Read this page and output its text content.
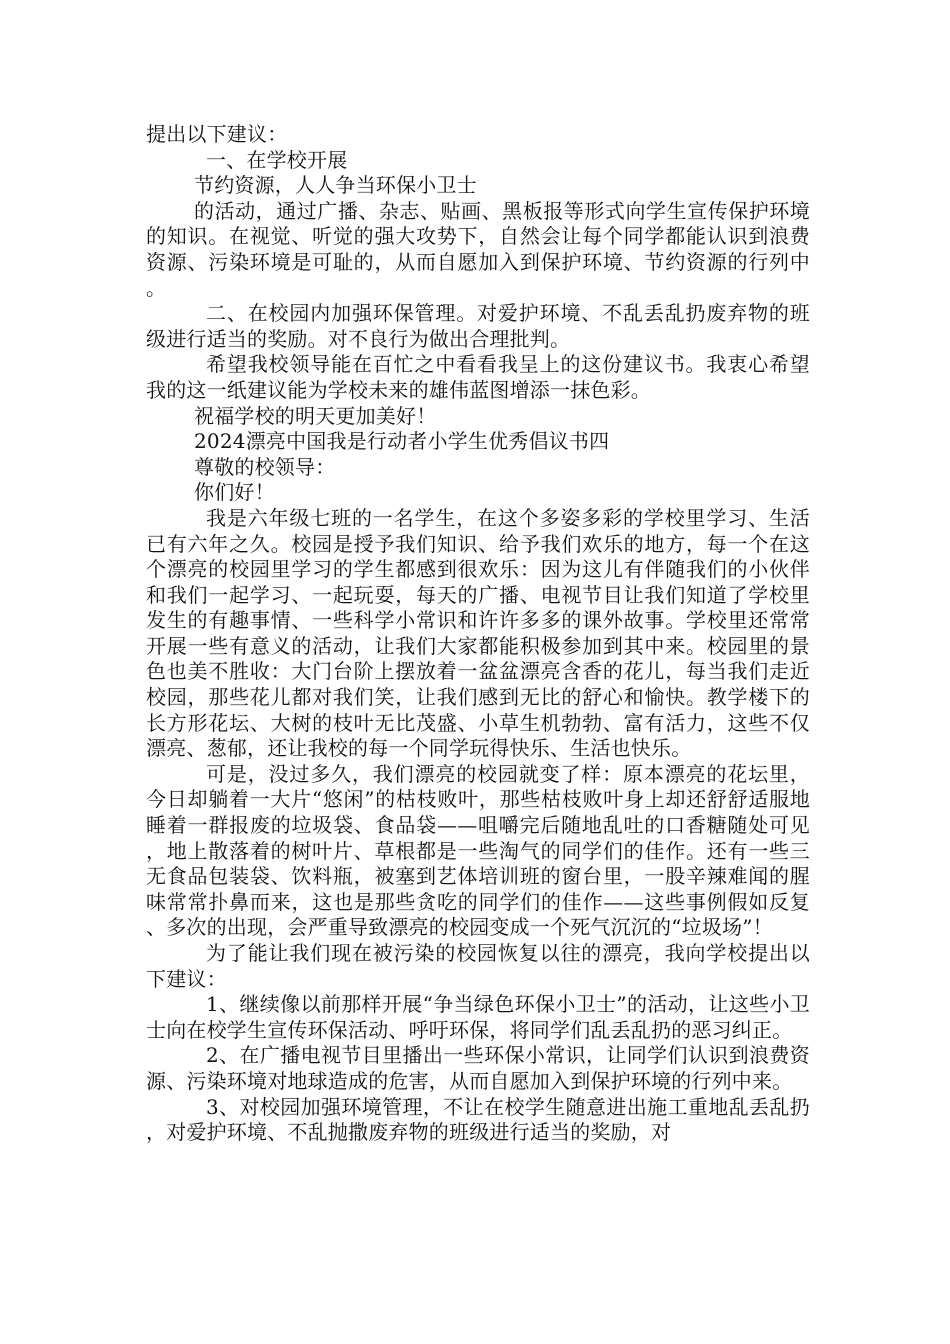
提出以下建议：

一、在学校开展

节约资源，人人争当环保小卫士

的活动，通过广播、杂志、贴画、黑板报等形式向学生宣传保护环境的知识。在视觉、听觉的强大攻势下，自然会让每个同学都能认识到浪费资源、污染环境是可耻的，从而自愿加入到保护环境、节约资源的行列中。

二、在校园内加强环保管理。对爱护环境、不乱丢乱扔废弃物的班级进行适当的奖励。对不良行为做出合理批判。

希望我校领导能在百忙之中看看我呈上的这份建议书。我衷心希望我的这一纸建议能为学校未来的雄伟蓝图增添一抹色彩。

祝福学校的明天更加美好！

2024漂亮中国我是行动者小学生优秀倡议书四

尊敬的校领导：

你们好！

我是六年级七班的一名学生，在这个多姿多彩的学校里学习、生活已有六年之久。校园是授予我们知识、给予我们欢乐的地方，每一个在这个漂亮的校园里学习的学生都感到很欢乐：因为这儿有伴随我们的小伙伴和我们一起学习、一起玩耍，每天的广播、电视节目让我们知道了学校里发生的有趣事情、一些科学小常识和许许多多的课外故事。学校里还常常开展一些有意义的活动，让我们大家都能积极参加到其中来。校园里的景色也美不胜收：大门台阶上摆放着一盆盆漂亮含香的花儿，每当我们走近校园，那些花儿都对我们笑，让我们感到无比的舒心和愉快。教学楼下的长方形花坛、大树的枝叶无比茂盛、小草生机勃勃、富有活力，这些不仅漂亮、葱郁，还让我校的每一个同学玩得快乐、生活也快乐。

可是，没过多久，我们漂亮的校园就变了样：原本漂亮的花坛里，今日却躺着一大片“悠闲”的枯枝败叶，那些枯枝败叶身上却还舒舒适服地睡着一群报废的垃圾袋、食品袋——咀嚼完后随地乱吐的口香糖随处可见，地上散落着的树叶片、草根都是一些淘气的同学们的佳作。还有一些三无食品包装袋、饮料瓶，被塞到艺体培训班的窗台里，一股辛辣难闻的腥味常常扑鼻而来，这也是那些贪吃的同学们的佳作——这些事例假如反复、多次的出现，会严重导致漂亮的校园变成一个死气沉沉的“垃圾场”！

为了能让我们现在被污染的校园恢复以往的漂亮，我向学校提出以下建议：

1、继续像以前那样开展“争当绿色环保小卫士”的活动，让这些小卫士向在校学生宣传环保活动、呼吁环保，将同学们乱丢乱扔的恶习纠正。

2、在广播电视节目里播出一些环保小常识，让同学们认识到浪费资源、污染环境对地球造成的危害，从而自愿加入到保护环境的行列中来。

3、对校园加强环境管理，不让在校学生随意进出施工重地乱丢乱扔，对爱护环境、不乱抛撒废弃物的班级进行适当的奖励，对
